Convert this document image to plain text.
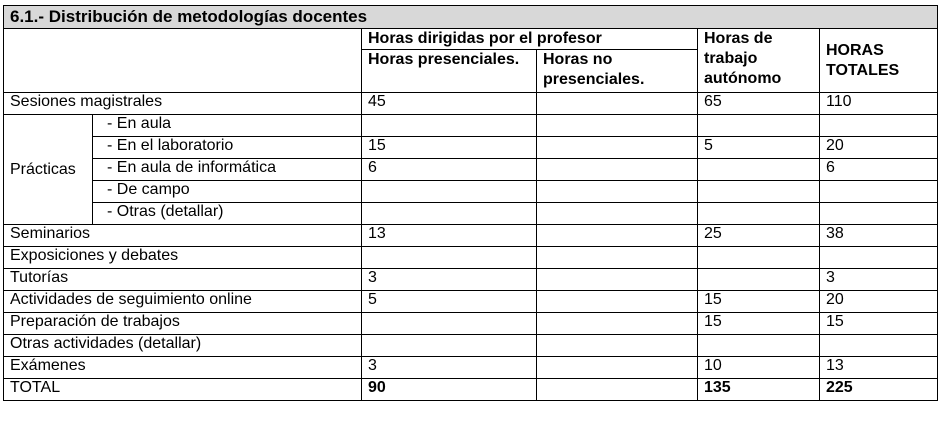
6.1.- Distribución de metodologías docentes					
		Horas dirigidas por el profesor		Horas de trabajo autónomo	HORAS TOTALES
		Horas presenciales.	Horas no presenciales.		
Sesiones magistrales		45		65	110
Prácticas	- En aula				
	- En el laboratorio	15		5	20
	- En aula de informática	6			6
	- De campo				
	- Otras (detallar)				
Seminarios		13		25	38
Exposiciones y debates					
Tutorías		3			3
Actividades de seguimiento online		5		15	20
Preparación de trabajos				15	15
Otras actividades (detallar)					
Exámenes		3		10	13
TOTAL		90		135	225
